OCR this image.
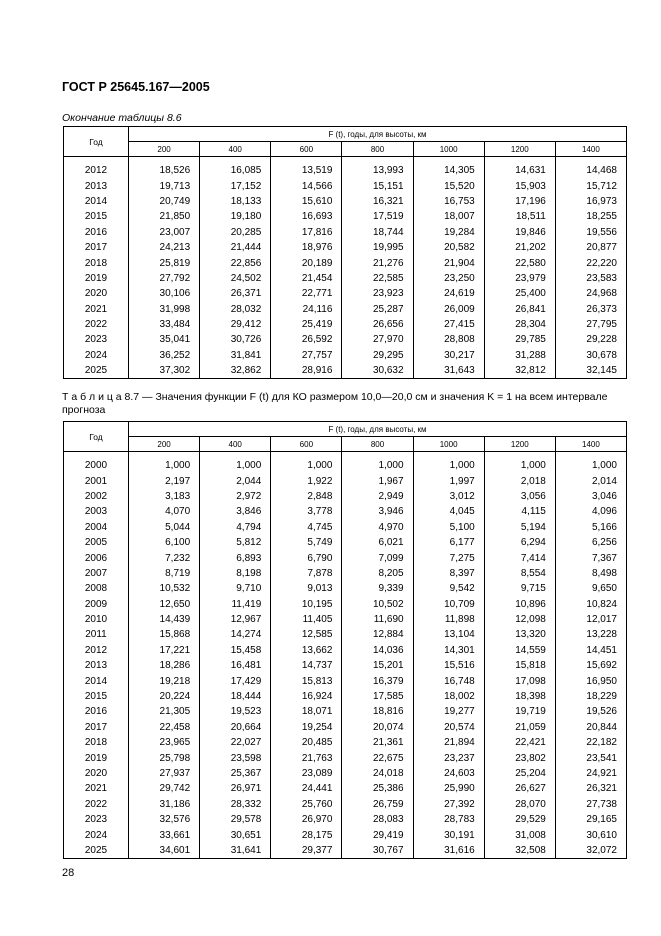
ГОСТ Р 25645.167—2005
Окончание таблицы 8.6
Год	F (t), годы, для высоты, км						
	200	400	600	800	1000	1200	1400

2012	18,526	16,085	13,519	13,993	14,305	14,631	14,468
2013	19,713	17,152	14,566	15,151	15,520	15,903	15,712
2014	20,749	18,133	15,610	16,321	16,753	17,196	16,973
2015	21,850	19,180	16,693	17,519	18,007	18,511	18,255
2016	23,007	20,285	17,816	18,744	19,284	19,846	19,556
2017	24,213	21,444	18,976	19,995	20,582	21,202	20,877
2018	25,819	22,856	20,189	21,276	21,904	22,580	22,220
2019	27,792	24,502	21,454	22,585	23,250	23,979	23,583
2020	30,106	26,371	22,771	23,923	24,619	25,400	24,968
2021	31,998	28,032	24,116	25,287	26,009	26,841	26,373
2022	33,484	29,412	25,419	26,656	27,415	28,304	27,795
2023	35,041	30,726	26,592	27,970	28,808	29,785	29,228
2024	36,252	31,841	27,757	29,295	30,217	31,288	30,678
2025	37,302	32,862	28,916	30,632	31,643	32,812	32,145
Т а б л и ц а 8.7 — Значения функции F (t) для КО размером 10,0—20,0 см и значения K = 1 на всем интервале прогноза
Год	F (t), годы, для высоты, км						
	200	400	600	800	1000	1200	1400

2000	1,000	1,000	1,000	1,000	1,000	1,000	1,000
2001	2,197	2,044	1,922	1,967	1,997	2,018	2,014
2002	3,183	2,972	2,848	2,949	3,012	3,056	3,046
2003	4,070	3,846	3,778	3,946	4,045	4,115	4,096
2004	5,044	4,794	4,745	4,970	5,100	5,194	5,166
2005	6,100	5,812	5,749	6,021	6,177	6,294	6,256
2006	7,232	6,893	6,790	7,099	7,275	7,414	7,367
2007	8,719	8,198	7,878	8,205	8,397	8,554	8,498
2008	10,532	9,710	9,013	9,339	9,542	9,715	9,650
2009	12,650	11,419	10,195	10,502	10,709	10,896	10,824
2010	14,439	12,967	11,405	11,690	11,898	12,098	12,017
2011	15,868	14,274	12,585	12,884	13,104	13,320	13,228
2012	17,221	15,458	13,662	14,036	14,301	14,559	14,451
2013	18,286	16,481	14,737	15,201	15,516	15,818	15,692
2014	19,218	17,429	15,813	16,379	16,748	17,098	16,950
2015	20,224	18,444	16,924	17,585	18,002	18,398	18,229
2016	21,305	19,523	18,071	18,816	19,277	19,719	19,526
2017	22,458	20,664	19,254	20,074	20,574	21,059	20,844
2018	23,965	22,027	20,485	21,361	21,894	22,421	22,182
2019	25,798	23,598	21,763	22,675	23,237	23,802	23,541
2020	27,937	25,367	23,089	24,018	24,603	25,204	24,921
2021	29,742	26,971	24,441	25,386	25,990	26,627	26,321
2022	31,186	28,332	25,760	26,759	27,392	28,070	27,738
2023	32,576	29,578	26,970	28,083	28,783	29,529	29,165
2024	33,661	30,651	28,175	29,419	30,191	31,008	30,610
2025	34,601	31,641	29,377	30,767	31,616	32,508	32,072
28
